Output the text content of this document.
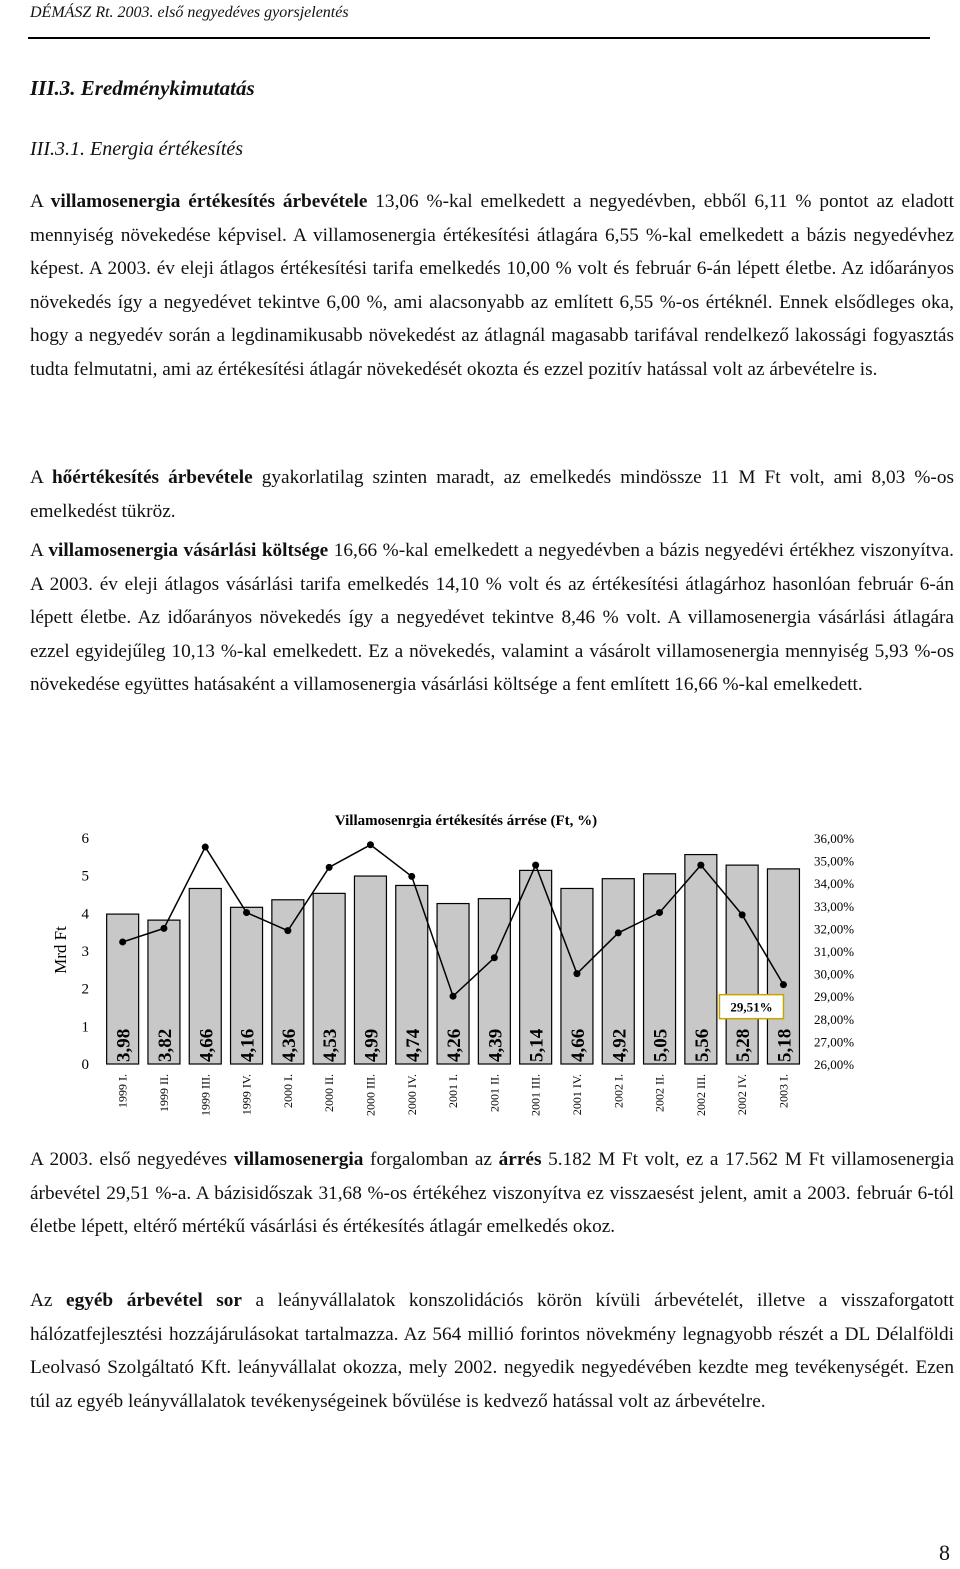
DÉMÁSZ Rt. 2003. első negyedéves gyorsjelentés
III.3. Eredménykimutatás
III.3.1. Energia értékesítés

A villamosenergia értékesítés árbevétele 13,06 %-kal emelkedett a negyedévben, ebből 6,11 % pontot az eladott mennyiség növekedése képvisel. A villamosenergia értékesítési átlagára 6,55 %-kal emelkedett a bázis negyedévhez képest. A 2003. év eleji átlagos értékesítési tarifa emelkedés 10,00 % volt és február 6-án lépett életbe. Az időarányos növekedés így a negyedévet tekintve 6,00 %, ami alacsonyabb az említett 6,55 %-os értéknél. Ennek elsődleges oka, hogy a negyedév során a legdinamikusabb növekedést az átlagnál magasabb tarifával rendelkező lakossági fogyasztás tudta felmutatni, ami az értékesítési átlagár növekedését okozta és ezzel pozitív hatással volt az árbevételre is.

A hőértékesítés árbevétele gyakorlatilag szinten maradt, az emelkedés mindössze 11 M Ft volt, ami 8,03 %-os emelkedést tükröz.

A villamosenergia vásárlási költsége 16,66 %-kal emelkedett a negyedévben a bázis negyedévi értékhez viszonyítva. A 2003. év eleji átlagos vásárlási tarifa emelkedés 14,10 % volt és az értékesítési átlagárhoz hasonlóan február 6-án lépett életbe. Az időarányos növekedés így a negyedévet tekintve 8,46 % volt. A villamosenergia vásárlási átlagára ezzel egyidejűleg 10,13 %-kal emelkedett. Ez a növekedés, valamint a vásárolt villamosenergia mennyiség 5,93 %-os növekedése együttes hatásaként a villamosenergia vásárlási költsége a fent említett 16,66 %-kal emelkedett.

Villamosenrgia értékesítés árrése (Ft, %)
Mrd Ft
0
1
2
3
4
5
6
26,00%
27,00%
28,00%
29,00%
30,00%
31,00%
32,00%
33,00%
34,00%
35,00%
36,00%
3,98 3,82 4,66 4,16 4,36 4,53 4,99 4,74 4,26 4,39 5,14 4,66 4,92 5,05 5,56 5,28 5,18
1999 I. 1999 II. 1999 III. 1999 IV. 2000 I. 2000 II. 2000 III. 2000 IV. 2001 I. 2001 II. 2001 III. 2001 IV. 2002 I. 2002 II. 2002 III. 2002 IV. 2003 I.
29,51%

A 2003. első negyedéves villamosenergia forgalomban az árrés 5.182 M Ft volt, ez a 17.562 M Ft villamosenergia árbevétel 29,51 %-a. A bázisidőszak 31,68 %-os értékéhez viszonyítva ez visszaesést jelent, amit a 2003. február 6-tól életbe lépett, eltérő mértékű vásárlási és értékesítés átlagár emelkedés okoz.

Az egyéb árbevétel sor a leányvállalatok konszolidációs körön kívüli árbevételét, illetve a visszaforgatott hálózatfejlesztési hozzájárulásokat tartalmazza. Az 564 millió forintos növekmény legnagyobb részét a DL Délalföldi Leolvasó Szolgáltató Kft. leányvállalat okozza, mely 2002. negyedik negyedévében kezdte meg tevékenységét. Ezen túl az egyéb leányvállalatok tevékenységeinek bővülése is kedvező hatással volt az árbevételre.

8
